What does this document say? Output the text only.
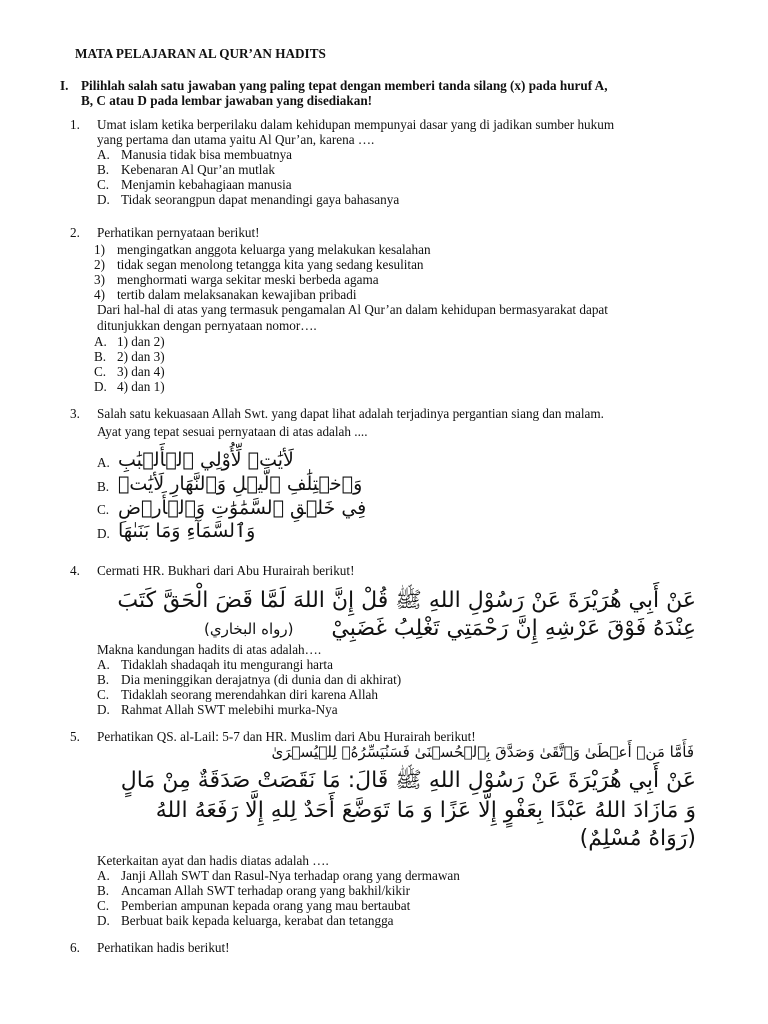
MATA PELAJARAN AL QUR’AN HADITS
I. Pilihlah salah satu jawaban yang paling tepat dengan memberi tanda silang (x) pada huruf A,
B, C atau D pada lembar jawaban yang disediakan!
1. Umat islam ketika berperilaku dalam kehidupan mempunyai dasar yang di jadikan sumber hukum
yang pertama dan utama yaitu Al Qur’an, karena ….
A. Manusia tidak bisa membuatnya
B. Kebenaran Al Qur’an mutlak
C. Menjamin kebahagiaan manusia
D. Tidak seorangpun dapat menandingi gaya bahasanya
2. Perhatikan pernyataan berikut!
1) mengingatkan anggota keluarga yang melakukan kesalahan
2) tidak segan menolong tetangga kita yang sedang kesulitan
3) menghormati warga sekitar meski berbeda agama
4) tertib dalam melaksanakan kewajiban pribadi
Dari hal-hal di atas yang termasuk pengamalan Al Qur’an dalam kehidupan bermasyarakat dapat
ditunjukkan dengan pernyataan nomor….
A. 1) dan 2)
B. 2) dan 3)
C. 3) dan 4)
D. 4) dan 1)
3. Salah satu kekuasaan Allah Swt. yang dapat lihat adalah terjadinya pergantian siang dan malam.
Ayat yang tepat sesuai pernyataan di atas adalah ....
A. لَأيَٰتٖ لِّأُوْلِي ٱلۡأَلۡبَٰبِ
B. وَٱخۡتِلَٰفِ ٱلَّيۡلِ وَٱلنَّهَارِ لَأيَٰتٖ
C. فِي خَلۡقِ ٱلسَّمَٰوَٰتِ وَٱلۡأَرۡضِ
D. وَٱلسَّمَآءِ وَمَا بَنَىٰهَا
4. Cermati HR. Bukhari dari Abu Hurairah berikut!
عَنْ أَبِي هُرَيْرَةَ عَنْ رَسُوْلِ اللهِ ﷺ قُلْ إِنَّ اللهَ لَمَّا قَضَ الْحَقَّ كَتَبَ
عِنْدَهُ فَوْقَ عَرْشِهِ إِنَّ رَحْمَتِي تَغْلِبُ غَضَبِيْ
(رواه البخاري)
Makna kandungan hadits di atas adalah….
A. Tidaklah shadaqah itu mengurangi harta
B. Dia meninggikan derajatnya (di dunia dan di akhirat)
C. Tidaklah seorang merendahkan diri karena Allah
D. Rahmat Allah SWT melebihi murka-Nya
5. Perhatikan QS. al-Lail: 5-7 dan HR. Muslim dari Abu Hurairah berikut!
فَأَمَّا مَنۡ أَعۡطَىٰ وَٱتَّقَىٰ وَصَدَّقَ بِٱلۡحُسۡنَىٰ فَسَنُيَسِّرُهُۥ لِلۡيُسۡرَىٰ
عَنْ أَبِي هُرَيْرَةَ عَنْ رَسُوْلِ اللهِ ﷺ قَالَ: مَا نَقَصَتْ صَدَقَةٌ مِنْ مَالٍ
وَ مَازَادَ اللهُ عَبْدًا بِعَفْوٍ إِلَّا عَزًا وَ مَا تَوَضَّعَ أَحَدٌ لِلهِ إِلَّا رَفَعَهُ اللهُ
(رَوَاهُ مُسْلِمٌ)
Keterkaitan ayat dan hadis diatas adalah ….
A. Janji Allah SWT dan Rasul-Nya terhadap orang yang dermawan
B. Ancaman Allah SWT terhadap orang yang bakhil/kikir
C. Pemberian ampunan kepada orang yang mau bertaubat
D. Berbuat baik kepada keluarga, kerabat dan tetangga
6. Perhatikan hadis berikut!
